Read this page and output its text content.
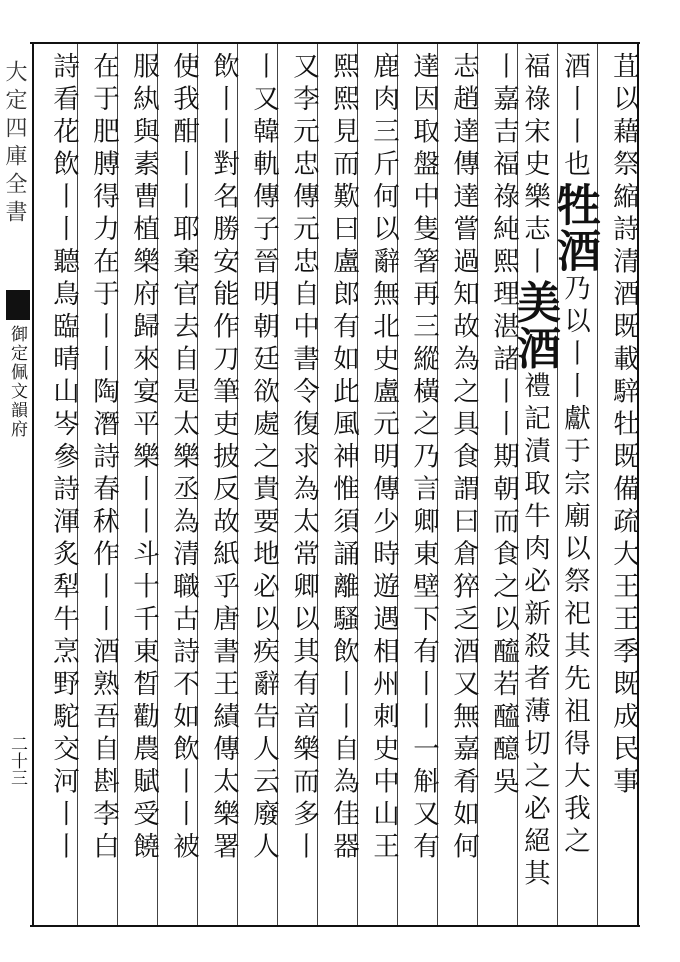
大定四庫全書
御定佩文韻府
二十三	苴以藉祭縮詩清酒既載騂牡既備疏大王王季既成民事
酒丨丨也牲酒乃以丨丨獻于宗廟以祭祀其先祖得大我之
福祿宋史樂志丨美酒禮記漬取牛肉必新殺者薄切之必絕其
丨嘉吉福祿純熙理湛諸丨丨期朝而食之以醯若醯醷吳
志趙達傳達嘗過知故為之具食謂曰倉猝乏酒又無嘉肴如何
達因取盤中隻箸再三縱橫之乃言卿東壁下有丨丨一斛又有
鹿肉三斤何以辭無北史盧元明傳少時遊遇相州刺史中山王
熙熙見而歎曰盧郎有如此風神惟須誦離騷飲丨丨自為佳器
又李元忠傳元忠自中書令復求為太常卿以其有音樂而多丨
丨又韓軌傳子晉明朝廷欲處之貴要地必以疾辭告人云廢人
飲丨丨對名勝安能作刀筆吏披反故紙乎唐書王績傳太樂署
使我酣丨丨耶棄官去自是太樂丞為清職古詩不如飲丨丨被
服紈與素曹植樂府歸來宴平樂丨丨斗十千東晳勸農賦受饒
在于肥膊得力在于丨丨陶潛詩春秫作丨丨酒熟吾自斟李白
詩看花飲丨丨聽鳥臨晴山岑參詩渾炙犁牛烹野駝交河丨丨
